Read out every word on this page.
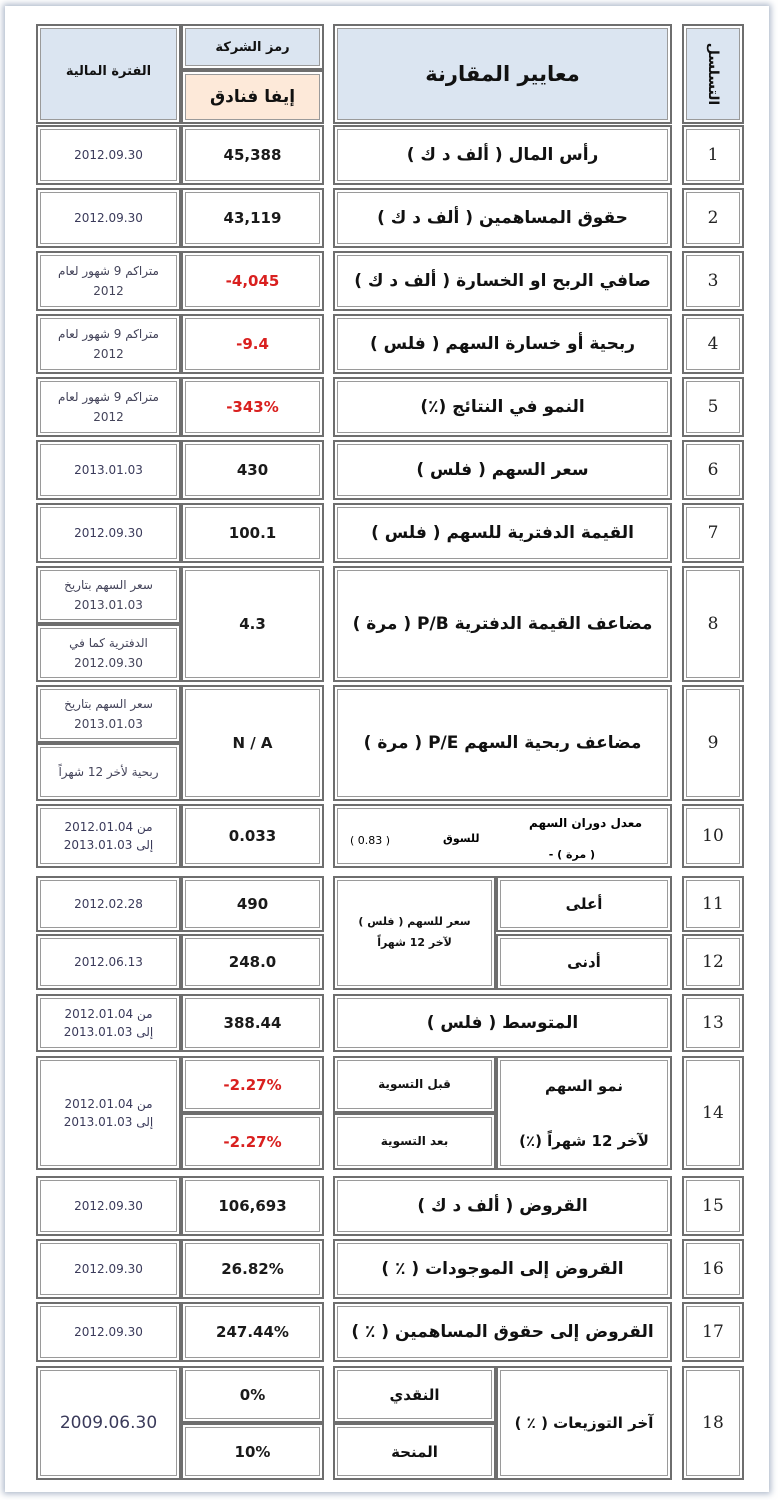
التسلسل
معايير المقارنة
رمز الشركة
إيفا فنادق
الفترة المالية
1
رأس المال ( ألف د ك )
45,388
2012.09.30
2
حقوق المساهمين ( ألف د ك )
43,119
2012.09.30
3
صافي الربح او الخسارة ( ألف د ك )
-4,045
متراكم 9 شهور لعام 2012
4
ربحية أو خسارة السهم ( فلس )
-9.4
متراكم 9 شهور لعام 2012
5
النمو في النتائج (٪)
-343%
متراكم 9 شهور لعام 2012
6
سعر السهم ( فلس )
430
2013.01.03
7
القيمة الدفترية للسهم ( فلس )
100.1
2012.09.30
8
مضاعف القيمة الدفترية P/B ( مرة )
4.3
سعر السهم بتاريخ 2013.01.03
الدفترية كما في 2012.09.30
9
مضاعف ربحية السهم P/E ( مرة )
N / A
سعر السهم بتاريخ 2013.01.03
ربحية لأخر 12 شهراً
10
معدل دوران السهم
للسوق
( 0.83 )
( مرة ) -
0.033
من 2012.01.04
إلى 2013.01.03
11
أعلى
سعر للسهم ( فلس )
لآخر 12 شهراً
490
2012.02.28
12
أدنى
248.0
2012.06.13
13
المتوسط ( فلس )
388.44
من 2012.01.04
إلى 2013.01.03
14
نمو السهم
لآخر 12 شهراً (٪)
قبل التسوية
بعد التسوية
-2.27%
-2.27%
من 2012.01.04
إلى 2013.01.03
15
القروض ( ألف د ك )
106,693
2012.09.30
16
القروض إلى الموجودات ( ٪ )
26.82%
2012.09.30
17
القروض إلى حقوق المساهمين ( ٪ )
247.44%
2012.09.30
18
آخر التوزيعات ( ٪ )
النقدي
المنحة
0%
10%
2009.06.30
